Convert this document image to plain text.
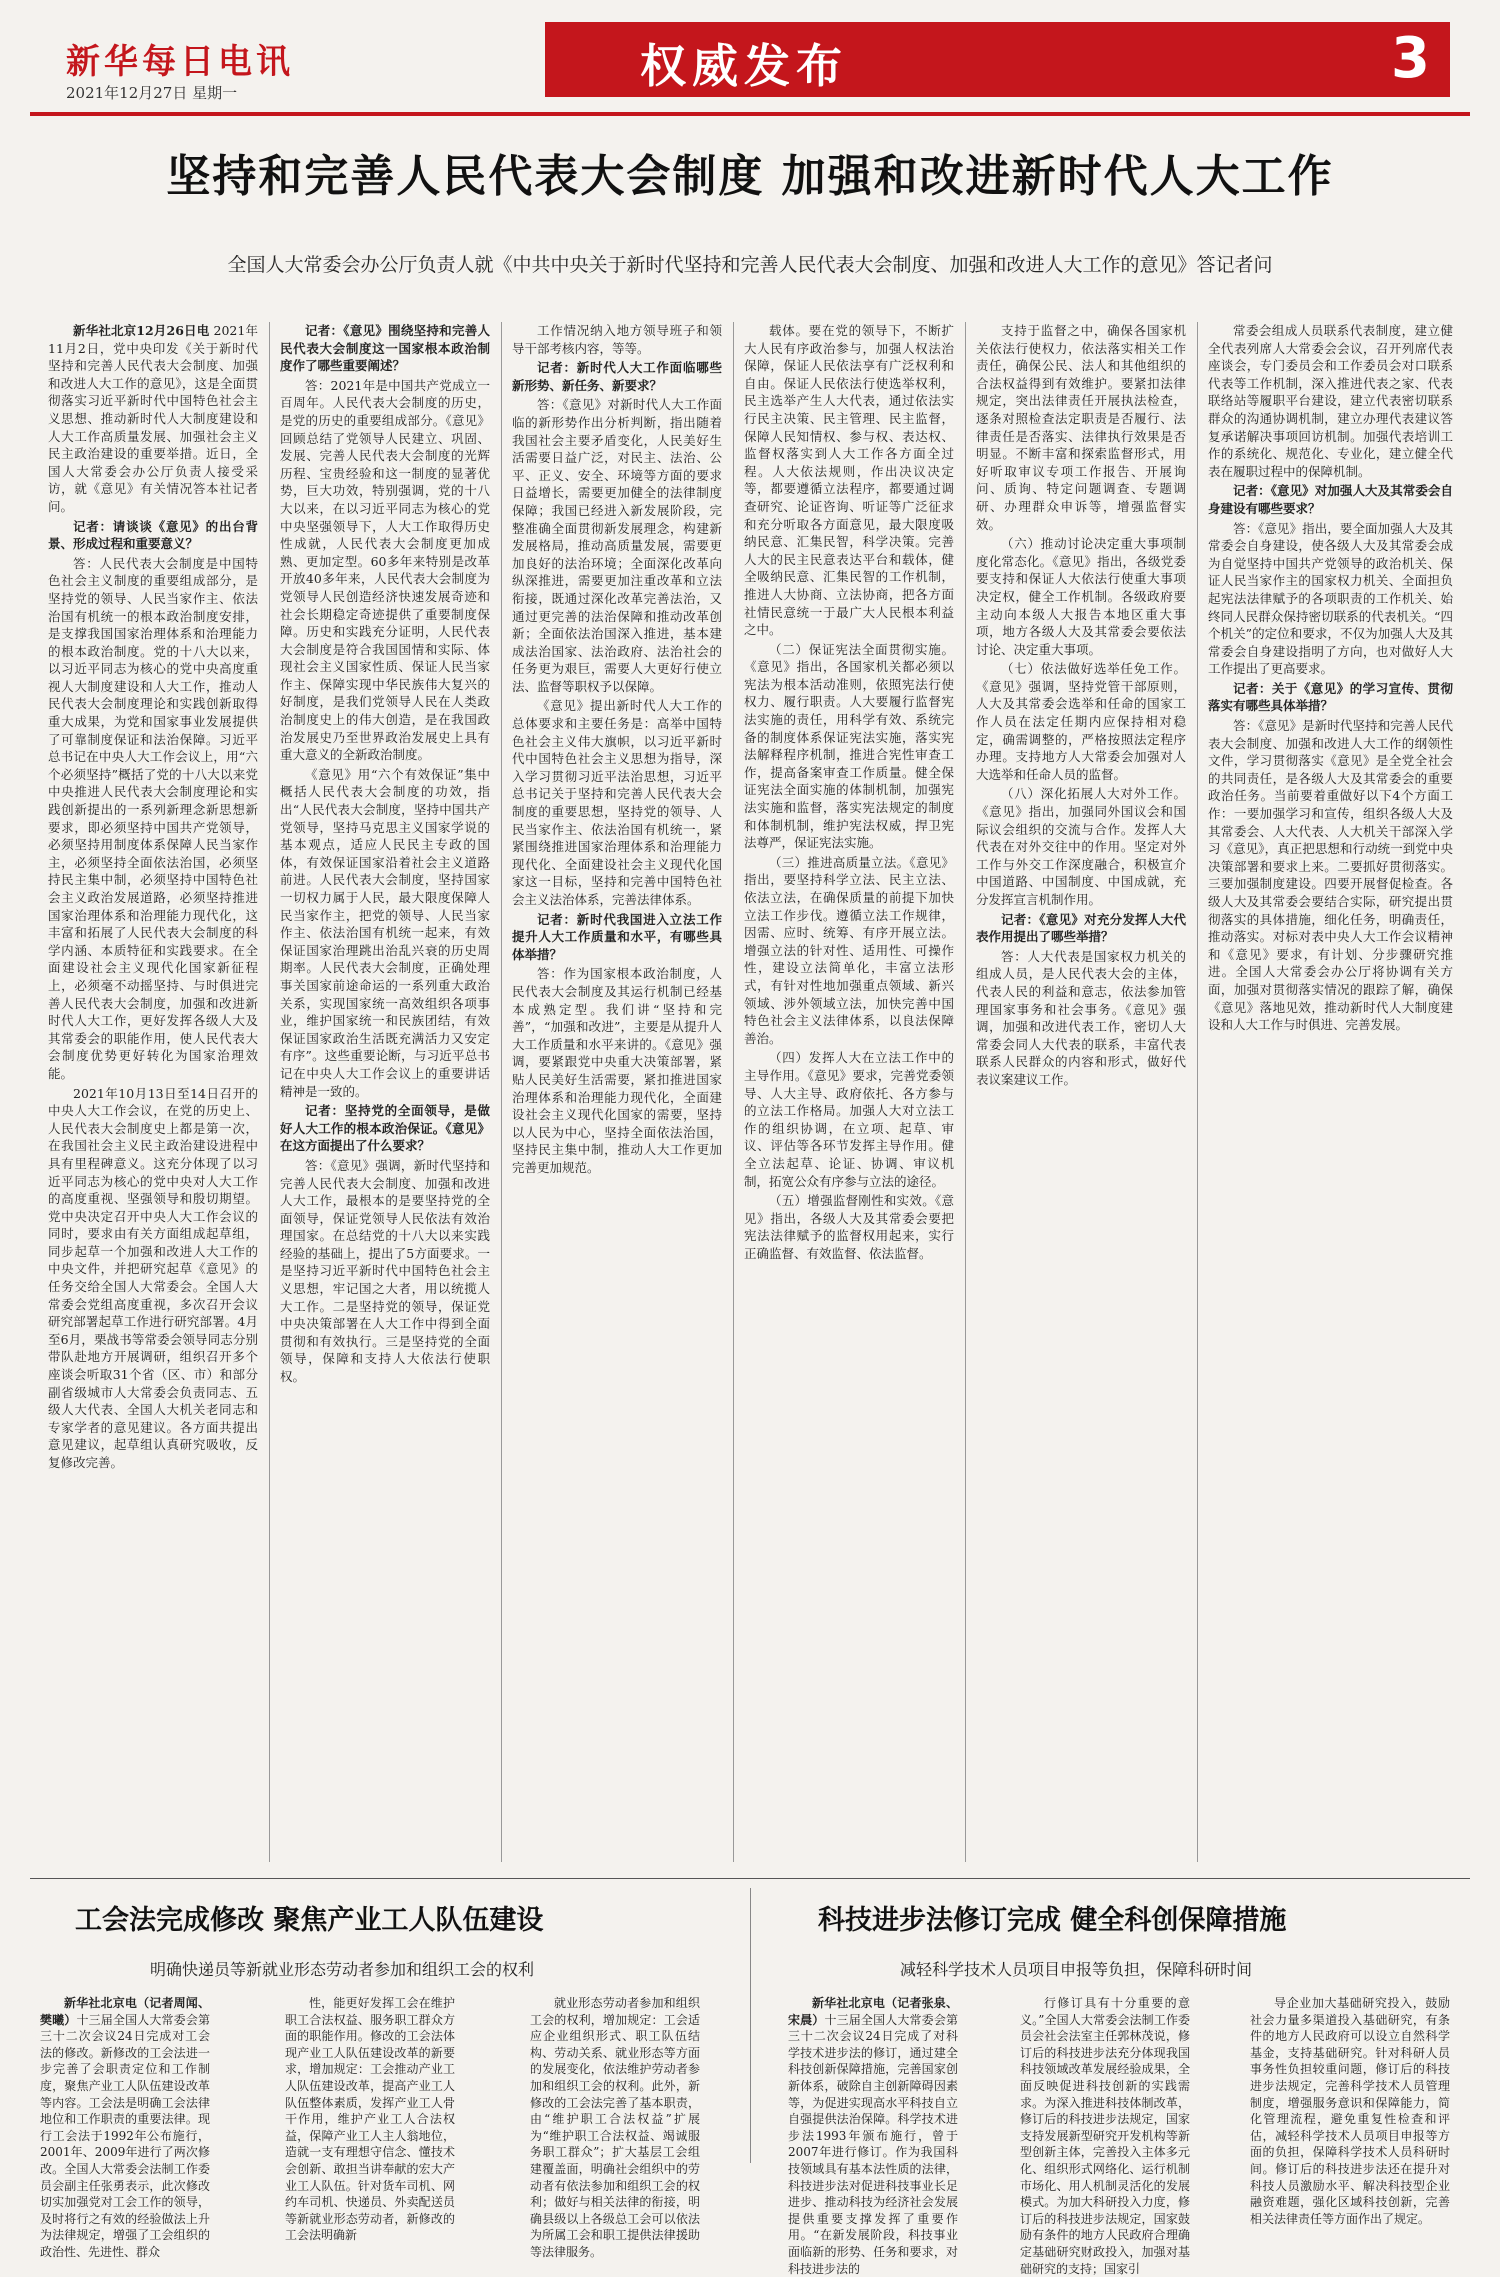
新华每日电讯
2021年12月27日 星期一	权威发布	3
坚持和完善人民代表大会制度 加强和改进新时代人大工作
全国人大常委会办公厅负责人就《中共中央关于新时代坚持和完善人民代表大会制度、加强和改进人大工作的意见》答记者问

新华社北京12月26日电 2021年11月2日，党中央印发《关于新时代坚持和完善人民代表大会制度、加强和改进人大工作的意见》，这是全面贯彻落实习近平新时代中国特色社会主义思想、推动新时代人大制度建设和人大工作高质量发展、加强社会主义民主政治建设的重要举措。近日，全国人大常委会办公厅负责人接受采访，就《意见》有关情况答本社记者问。

记者：请谈谈《意见》的出台背景、形成过程和重要意义？

答：人民代表大会制度是中国特色社会主义制度的重要组成部分，是坚持党的领导、人民当家作主、依法治国有机统一的根本政治制度安排，是支撑我国国家治理体系和治理能力的根本政治制度。党的十八大以来，以习近平同志为核心的党中央高度重视人大制度建设和人大工作，推动人民代表大会制度理论和实践创新取得重大成果，为党和国家事业发展提供了可靠制度保证和法治保障。习近平总书记在中央人大工作会议上，用“六个必须坚持”概括了党的十八大以来党中央推进人民代表大会制度理论和实践创新提出的一系列新理念新思想新要求，即必须坚持中国共产党领导，必须坚持用制度体系保障人民当家作主，必须坚持全面依法治国，必须坚持民主集中制，必须坚持中国特色社会主义政治发展道路，必须坚持推进国家治理体系和治理能力现代化，这丰富和拓展了人民代表大会制度的科学内涵、本质特征和实践要求。在全面建设社会主义现代化国家新征程上，必须毫不动摇坚持、与时俱进完善人民代表大会制度，加强和改进新时代人大工作，更好发挥各级人大及其常委会的职能作用，使人民代表大会制度优势更好转化为国家治理效能。

2021年10月13日至14日召开的中央人大工作会议，在党的历史上、人民代表大会制度史上都是第一次，在我国社会主义民主政治建设进程中具有里程碑意义。这充分体现了以习近平同志为核心的党中央对人大工作的高度重视、坚强领导和殷切期望。党中央决定召开中央人大工作会议的同时，要求由有关方面组成起草组，同步起草一个加强和改进人大工作的中央文件，并把研究起草《意见》的任务交给全国人大常委会。全国人大常委会党组高度重视，多次召开会议研究部署起草工作进行研究部署。4月至6月，栗战书等常委会领导同志分别带队赴地方开展调研，组织召开多个座谈会听取31个省（区、市）和部分副省级城市人大常委会负责同志、五级人大代表、全国人大机关老同志和专家学者的意见建议。各方面共提出意见建议，起草组认真研究吸收，反复修改完善。

记者：《意见》围绕坚持和完善人民代表大会制度这一国家根本政治制度作了哪些重要阐述？

答：2021年是中国共产党成立一百周年。人民代表大会制度的历史，是党的历史的重要组成部分。《意见》回顾总结了党领导人民建立、巩固、发展、完善人民代表大会制度的光辉历程、宝贵经验和这一制度的显著优势，巨大功效，特别强调，党的十八大以来，在以习近平同志为核心的党中央坚强领导下，人大工作取得历史性成就，人民代表大会制度更加成熟、更加定型。60多年来特别是改革开放40多年来，人民代表大会制度为党领导人民创造经济快速发展奇迹和社会长期稳定奇迹提供了重要制度保障。历史和实践充分证明，人民代表大会制度是符合我国国情和实际、体现社会主义国家性质、保证人民当家作主、保障实现中华民族伟大复兴的好制度，是我们党领导人民在人类政治制度史上的伟大创造，是在我国政治发展史乃至世界政治发展史上具有重大意义的全新政治制度。

《意见》用“六个有效保证”集中概括人民代表大会制度的功效，指出“人民代表大会制度，坚持中国共产党领导，坚持马克思主义国家学说的基本观点，适应人民民主专政的国体，有效保证国家沿着社会主义道路前进。人民代表大会制度，坚持国家一切权力属于人民，最大限度保障人民当家作主，把党的领导、人民当家作主、依法治国有机统一起来，有效保证国家治理跳出治乱兴衰的历史周期率。人民代表大会制度，正确处理事关国家前途命运的一系列重大政治关系，实现国家统一高效组织各项事业，维护国家统一和民族团结，有效保证国家政治生活既充满活力又安定有序”。这些重要论断，与习近平总书记在中央人大工作会议上的重要讲话精神是一致的。

记者：坚持党的全面领导，是做好人大工作的根本政治保证。《意见》在这方面提出了什么要求？

答：《意见》强调，新时代坚持和完善人民代表大会制度、加强和改进人大工作，最根本的是要坚持党的全面领导，保证党领导人民依法有效治理国家。在总结党的十八大以来实践经验的基础上，提出了5方面要求。一是坚持习近平新时代中国特色社会主义思想，牢记国之大者，用以统揽人大工作。二是坚持党的领导，保证党中央决策部署在人大工作中得到全面贯彻和有效执行。三是坚持党的全面领导，保障和支持人大依法行使职权。

工作情况纳入地方领导班子和领导干部考核内容，等等。

记者：新时代人大工作面临哪些新形势、新任务、新要求？

答：《意见》对新时代人大工作面临的新形势作出分析判断，指出随着我国社会主要矛盾变化，人民美好生活需要日益广泛，对民主、法治、公平、正义、安全、环境等方面的要求日益增长，需要更加健全的法律制度保障；我国已经进入新发展阶段，完整准确全面贯彻新发展理念，构建新发展格局，推动高质量发展，需要更加良好的法治环境；全面深化改革向纵深推进，需要更加注重改革和立法衔接，既通过深化改革完善法治，又通过更完善的法治保障和推动改革创新；全面依法治国深入推进，基本建成法治国家、法治政府、法治社会的任务更为艰巨，需要人大更好行使立法、监督等职权予以保障。

《意见》提出新时代人大工作的总体要求和主要任务是：高举中国特色社会主义伟大旗帜，以习近平新时代中国特色社会主义思想为指导，深入学习贯彻习近平法治思想，习近平总书记关于坚持和完善人民代表大会制度的重要思想，坚持党的领导、人民当家作主、依法治国有机统一，紧紧围绕推进国家治理体系和治理能力现代化、全面建设社会主义现代化国家这一目标，坚持和完善中国特色社会主义法治体系，完善法律体系。

记者：新时代我国进入立法工作提升人大工作质量和水平，有哪些具体举措？

答：作为国家根本政治制度，人民代表大会制度及其运行机制已经基本成熟定型。我们讲“坚持和完善”，“加强和改进”，主要是从提升人大工作质量和水平来讲的。《意见》强调，要紧跟党中央重大决策部署，紧贴人民美好生活需要，紧扣推进国家治理体系和治理能力现代化，全面建设社会主义现代化国家的需要，坚持以人民为中心，坚持全面依法治国，坚持民主集中制，推动人大工作更加完善更加规范。

载体。要在党的领导下，不断扩大人民有序政治参与，加强人权法治保障，保证人民依法享有广泛权利和自由。保证人民依法行使选举权利，民主选举产生人大代表，通过依法实行民主决策、民主管理、民主监督，保障人民知情权、参与权、表达权、监督权落实到人大工作各方面全过程。人大依法规则，作出决议决定等，都要遵循立法程序，都要通过调查研究、论证咨询、听证等广泛征求和充分听取各方面意见，最大限度吸纳民意、汇集民智，科学决策。完善人大的民主民意表达平台和载体，健全吸纳民意、汇集民智的工作机制，推进人大协商、立法协商，把各方面社情民意统一于最广大人民根本利益之中。

（二）保证宪法全面贯彻实施。《意见》指出，各国家机关都必须以宪法为根本活动准则，依照宪法行使权力、履行职责。人大要履行监督宪法实施的责任，用科学有效、系统完备的制度体系保证宪法实施，落实宪法解释程序机制，推进合宪性审查工作，提高备案审查工作质量。健全保证宪法全面实施的体制机制，加强宪法实施和监督，落实宪法规定的制度和体制机制，维护宪法权威，捍卫宪法尊严，保证宪法实施。

（三）推进高质量立法。《意见》指出，要坚持科学立法、民主立法、依法立法，在确保质量的前提下加快立法工作步伐。遵循立法工作规律，因需、应时、统筹、有序开展立法。增强立法的针对性、适用性、可操作性，建设立法简单化，丰富立法形式，有针对性地加强重点领域、新兴领域、涉外领域立法，加快完善中国特色社会主义法律体系，以良法保障善治。

（四）发挥人大在立法工作中的主导作用。《意见》要求，完善党委领导、人大主导、政府依托、各方参与的立法工作格局。加强人大对立法工作的组织协调，在立项、起草、审议、评估等各环节发挥主导作用。健全立法起草、论证、协调、审议机制，拓宽公众有序参与立法的途径。

（五）增强监督刚性和实效。《意见》指出，各级人大及其常委会要把宪法法律赋予的监督权用起来，实行正确监督、有效监督、依法监督。

支持于监督之中，确保各国家机关依法行使权力，依法落实相关工作责任，确保公民、法人和其他组织的合法权益得到有效维护。要紧扣法律规定，突出法律责任开展执法检查，逐条对照检查法定职责是否履行、法律责任是否落实、法律执行效果是否明显。不断丰富和探索监督形式，用好听取审议专项工作报告、开展询问、质询、特定问题调查、专题调研、办理群众申诉等，增强监督实效。

（六）推动讨论决定重大事项制度化常态化。《意见》指出，各级党委要支持和保证人大依法行使重大事项决定权，健全工作机制。各级政府要主动向本级人大报告本地区重大事项，地方各级人大及其常委会要依法讨论、决定重大事项。

（七）依法做好选举任免工作。《意见》强调，坚持党管干部原则，人大及其常委会选举和任命的国家工作人员在法定任期内应保持相对稳定，确需调整的，严格按照法定程序办理。支持地方人大常委会加强对人大选举和任命人员的监督。

（八）深化拓展人大对外工作。《意见》指出，加强同外国议会和国际议会组织的交流与合作。发挥人大代表在对外交往中的作用。坚定对外工作与外交工作深度融合，积极宣介中国道路、中国制度、中国成就，充分发挥宣言机制作用。

记者：《意见》对充分发挥人大代表作用提出了哪些举措？

答：人大代表是国家权力机关的组成人员，是人民代表大会的主体，代表人民的利益和意志，依法参加管理国家事务和社会事务。《意见》强调，加强和改进代表工作，密切人大常委会同人大代表的联系，丰富代表联系人民群众的内容和形式，做好代表议案建议工作。

常委会组成人员联系代表制度，建立健全代表列席人大常委会会议，召开列席代表座谈会，专门委员会和工作委员会对口联系代表等工作机制，深入推进代表之家、代表联络站等履职平台建设，建立代表密切联系群众的沟通协调机制，建立办理代表建议答复承诺解决事项回访机制。加强代表培训工作的系统化、规范化、专业化，建立健全代表在履职过程中的保障机制。

记者：《意见》对加强人大及其常委会自身建设有哪些要求？

答：《意见》指出，要全面加强人大及其常委会自身建设，使各级人大及其常委会成为自觉坚持中国共产党领导的政治机关、保证人民当家作主的国家权力机关、全面担负起宪法法律赋予的各项职责的工作机关、始终同人民群众保持密切联系的代表机关。“四个机关”的定位和要求，不仅为加强人大及其常委会自身建设指明了方向，也对做好人大工作提出了更高要求。

记者：关于《意见》的学习宣传、贯彻落实有哪些具体举措？

答：《意见》是新时代坚持和完善人民代表大会制度、加强和改进人大工作的纲领性文件，学习贯彻落实《意见》是全党全社会的共同责任，是各级人大及其常委会的重要政治任务。当前要着重做好以下4个方面工作：一要加强学习和宣传，组织各级人大及其常委会、人大代表、人大机关干部深入学习《意见》，真正把思想和行动统一到党中央决策部署和要求上来。二要抓好贯彻落实。三要加强制度建设。四要开展督促检查。各级人大及其常委会要结合实际，研究提出贯彻落实的具体措施，细化任务，明确责任，推动落实。对标对表中央人大工作会议精神和《意见》要求，有计划、分步骤研究推进。全国人大常委会办公厅将协调有关方面，加强对贯彻落实情况的跟踪了解，确保《意见》落地见效，推动新时代人大制度建设和人大工作与时俱进、完善发展。

工会法完成修改 聚焦产业工人队伍建设
明确快递员等新就业形态劳动者参加和组织工会的权利

新华社北京电（记者周闻、樊曦）十三届全国人大常委会第三十二次会议24日完成对工会法的修改。新修改的工会法进一步完善了会职责定位和工作制度，聚焦产业工人队伍建设改革等内容。工会法是明确工会法律地位和工作职责的重要法律。现行工会法于1992年公布施行，2001年、2009年进行了两次修改。全国人大常委会法制工作委员会副主任张勇表示，此次修改切实加强党对工会工作的领导，及时将行之有效的经验做法上升为法律规定，增强了工会组织的政治性、先进性、群众

性，能更好发挥工会在维护职工合法权益、服务职工群众方面的职能作用。修改的工会法体现产业工人队伍建设改革的新要求，增加规定：工会推动产业工人队伍建设改革，提高产业工人队伍整体素质，发挥产业工人骨干作用，维护产业工人合法权益，保障产业工人主人翁地位，造就一支有理想守信念、懂技术会创新、敢担当讲奉献的宏大产业工人队伍。针对货车司机、网约车司机、快递员、外卖配送员等新就业形态劳动者，新修改的工会法明确新

就业形态劳动者参加和组织工会的权利，增加规定：工会适应企业组织形式、职工队伍结构、劳动关系、就业形态等方面的发展变化，依法维护劳动者参加和组织工会的权利。此外，新修改的工会法完善了基本职责，由“维护职工合法权益”扩展为“维护职工合法权益、竭诚服务职工群众”；扩大基层工会组建覆盖面，明确社会组织中的劳动者有依法参加和组织工会的权利；做好与相关法律的衔接，明确县级以上各级总工会可以依法为所属工会和职工提供法律援助等法律服务。

科技进步法修订完成 健全科创保障措施
减轻科学技术人员项目申报等负担，保障科研时间

新华社北京电（记者张泉、宋晨）十三届全国人大常委会第三十二次会议24日完成了对科学技术进步法的修订，通过建全科技创新保障措施，完善国家创新体系，破除自主创新障碍因素等，为促进实现高水平科技自立自强提供法治保障。科学技术进步法1993年颁布施行，曾于2007年进行修订。作为我国科技领域具有基本法性质的法律，科技进步法对促进科技事业长足进步、推动科技为经济社会发展提供重要支撑发挥了重要作用。“在新发展阶段，科技事业面临新的形势、任务和要求，对科技进步法的

行修订具有十分重要的意义。”全国人大常委会法制工作委员会社会法室主任郭林茂说，修订后的科技进步法充分体现我国科技领域改革发展经验成果，全面反映促进科技创新的实践需求。为深入推进科技体制改革，修订后的科技进步法规定，国家支持发展新型研究开发机构等新型创新主体，完善投入主体多元化、组织形式网络化、运行机制市场化、用人机制灵活化的发展模式。为加大科研投入力度，修订后的科技进步法规定，国家鼓励有条件的地方人民政府合理确定基础研究财政投入，加强对基础研究的支持；国家引

导企业加大基础研究投入，鼓励社会力量多渠道投入基础研究，有条件的地方人民政府可以设立自然科学基金，支持基础研究。针对科研人员事务性负担较重问题，修订后的科技进步法规定，完善科学技术人员管理制度，增强服务意识和保障能力，简化管理流程，避免重复性检查和评估，减轻科学技术人员项目申报等方面的负担，保障科学技术人员科研时间。修订后的科技进步法还在提升对科技人员激励水平、解决科技型企业融资难题，强化区域科技创新，完善相关法律责任等方面作出了规定。
